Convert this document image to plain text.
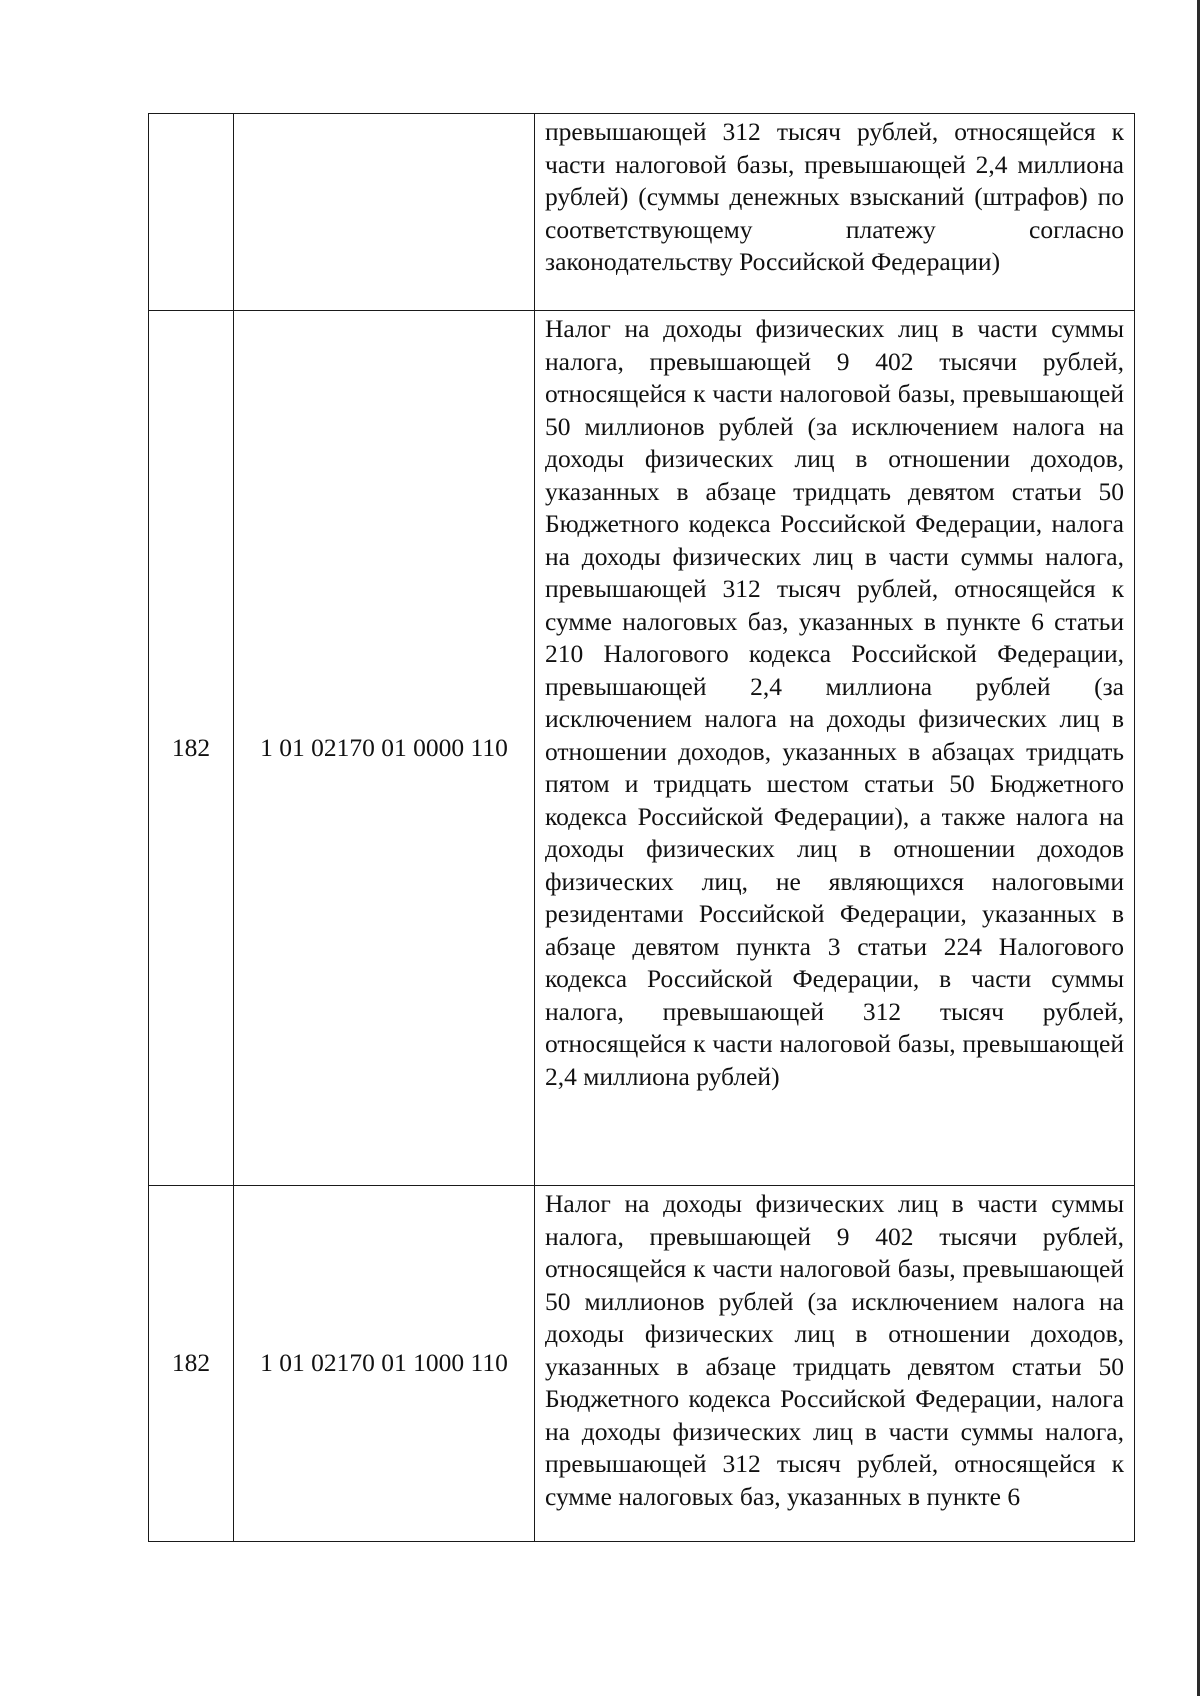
		превышающей 312 тысяч рублей, относящейся к части налоговой базы, превышающей 2,4 миллиона рублей) (суммы денежных взысканий (штрафов) по соответствующему платежу согласно законодательству Российской Федерации)
182	1 01 02170 01 0000 110	Налог на доходы физических лиц в части суммы налога, превышающей 9 402 тысячи рублей, относящейся к части налоговой базы, превышающей 50 миллионов рублей (за исключением налога на доходы физических лиц в отношении доходов, указанных в абзаце тридцать девятом статьи 50 Бюджетного кодекса Российской Федерации, налога на доходы физических лиц в части суммы налога, превышающей 312 тысяч рублей, относящейся к сумме налоговых баз, указанных в пункте 6 статьи 210 Налогового кодекса Российской Федерации, превышающей 2,4 миллиона рублей (за исключением налога на доходы физических лиц в отношении доходов, указанных в абзацах тридцать пятом и тридцать шестом статьи 50 Бюджетного кодекса Российской Федерации), а также налога на доходы физических лиц в отношении доходов физических лиц, не являющихся налоговыми резидентами Российской Федерации, указанных в абзаце девятом пункта 3 статьи 224 Налогового кодекса Российской Федерации, в части суммы налога, превышающей 312 тысяч рублей, относящейся к части налоговой базы, превышающей 2,4 миллиона рублей)
182	1 01 02170 01 1000 110	Налог на доходы физических лиц в части суммы налога, превышающей 9 402 тысячи рублей, относящейся к части налоговой базы, превышающей 50 миллионов рублей (за исключением налога на доходы физических лиц в отношении доходов, указанных в абзаце тридцать девятом статьи 50 Бюджетного кодекса Российской Федерации, налога на доходы физических лиц в части суммы налога, превышающей 312 тысяч рублей, относящейся к сумме налоговых баз, указанных в пункте 6
